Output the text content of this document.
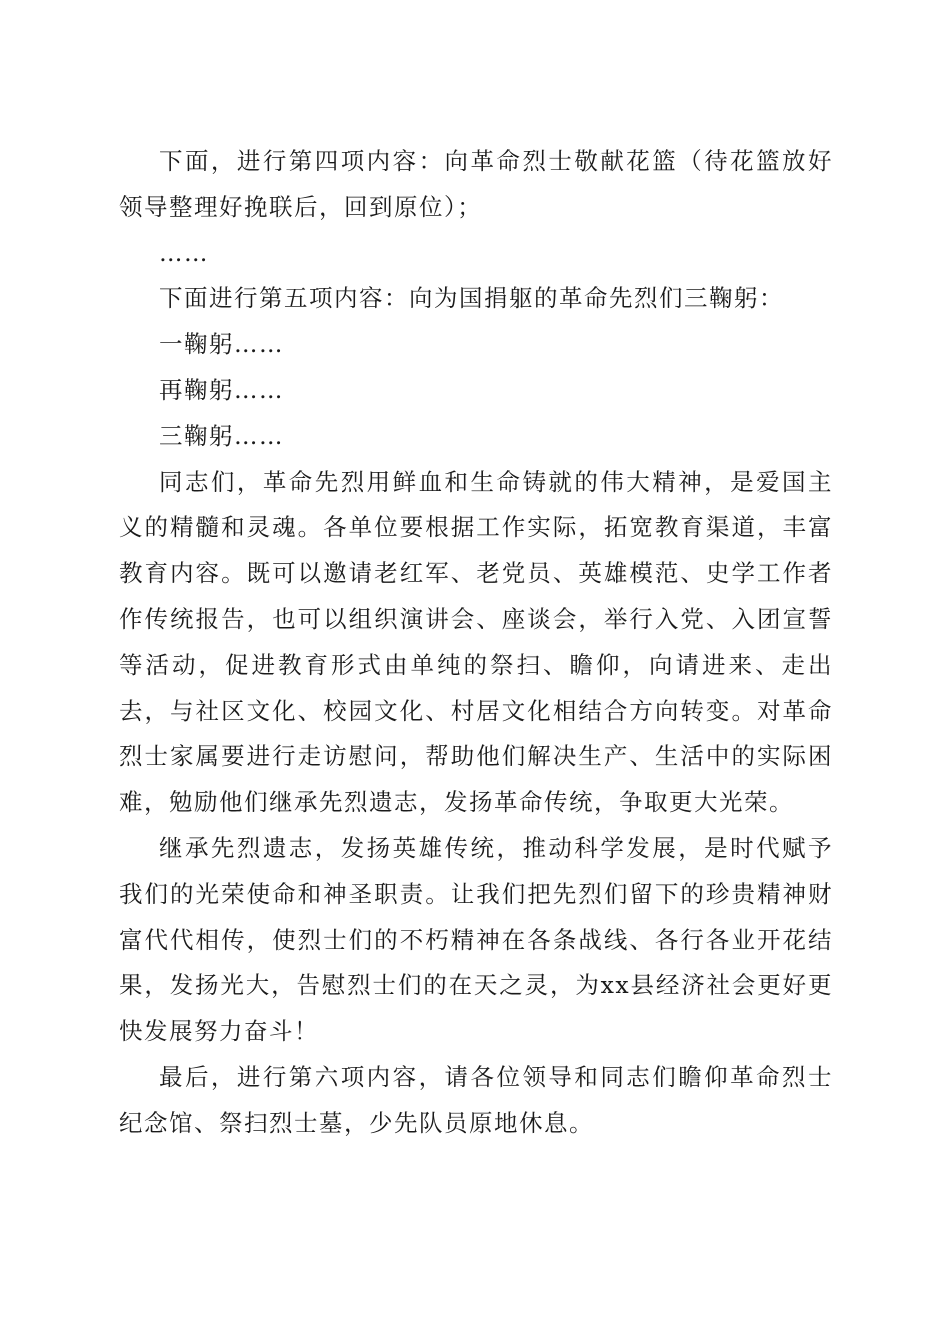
下面，进行第四项内容：向革命烈士敬献花篮（待花篮放好领导整理好挽联后，回到原位）；

……

下面进行第五项内容：向为国捐躯的革命先烈们三鞠躬：

一鞠躬……

再鞠躬……

三鞠躬……

同志们，革命先烈用鲜血和生命铸就的伟大精神，是爱国主义的精髓和灵魂。各单位要根据工作实际，拓宽教育渠道，丰富教育内容。既可以邀请老红军、老党员、英雄模范、史学工作者作传统报告，也可以组织演讲会、座谈会，举行入党、入团宣誓等活动，促进教育形式由单纯的祭扫、瞻仰，向请进来、走出去，与社区文化、校园文化、村居文化相结合方向转变。对革命烈士家属要进行走访慰问，帮助他们解决生产、生活中的实际困难，勉励他们继承先烈遗志，发扬革命传统，争取更大光荣。

继承先烈遗志，发扬英雄传统，推动科学发展，是时代赋予我们的光荣使命和神圣职责。让我们把先烈们留下的珍贵精神财富代代相传，使烈士们的不朽精神在各条战线、各行各业开花结果，发扬光大，告慰烈士们的在天之灵，为xx县经济社会更好更快发展努力奋斗！

最后，进行第六项内容，请各位领导和同志们瞻仰革命烈士纪念馆、祭扫烈士墓，少先队员原地休息。
